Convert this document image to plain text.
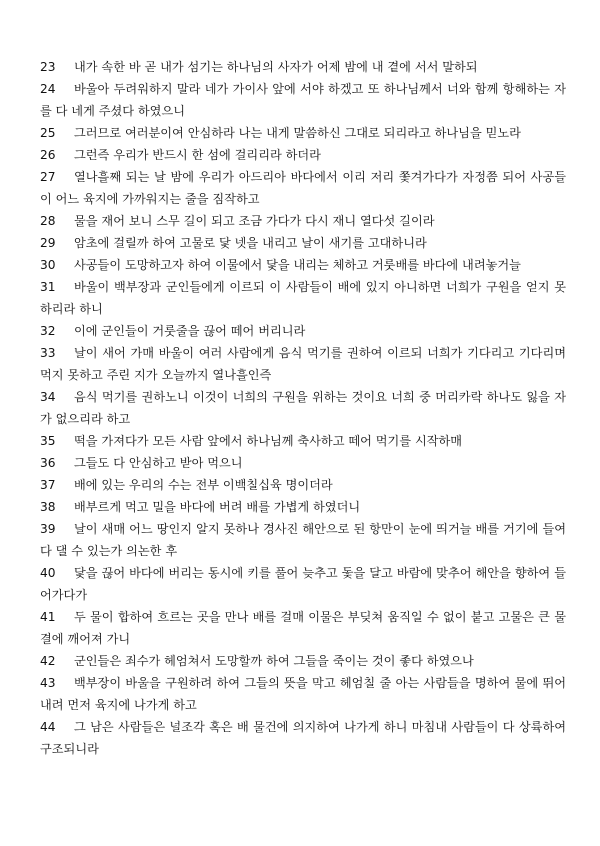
23 내가 속한 바 곧 내가 섬기는 하나님의 사자가 어제 밤에 내 곁에 서서 말하되
24 바울아 두려워하지 말라 네가 가이사 앞에 서야 하겠고 또 하나님께서 너와 함께 항해하는 자를 다 네게 주셨다 하였으니
25 그러므로 여러분이여 안심하라 나는 내게 말씀하신 그대로 되리라고 하나님을 믿노라
26 그런즉 우리가 반드시 한 섬에 걸리리라 하더라
27 열나흘째 되는 날 밤에 우리가 아드리아 바다에서 이리 저리 쫓겨가다가 자정쯤 되어 사공들이 어느 육지에 가까워지는 줄을 짐작하고
28 물을 재어 보니 스무 길이 되고 조금 가다가 다시 재니 열다섯 길이라
29 암초에 걸릴까 하여 고물로 닻 넷을 내리고 날이 새기를 고대하니라
30 사공들이 도망하고자 하여 이물에서 닻을 내리는 체하고 거룻배를 바다에 내려놓거늘
31 바울이 백부장과 군인들에게 이르되 이 사람들이 배에 있지 아니하면 너희가 구원을 얻지 못하리라 하니
32 이에 군인들이 거룻줄을 끊어 떼어 버리니라
33 날이 새어 가매 바울이 여러 사람에게 음식 먹기를 권하여 이르되 너희가 기다리고 기다리며 먹지 못하고 주린 지가 오늘까지 열나흘인즉
34 음식 먹기를 권하노니 이것이 너희의 구원을 위하는 것이요 너희 중 머리카락 하나도 잃을 자가 없으리라 하고
35 떡을 가져다가 모든 사람 앞에서 하나님께 축사하고 떼어 먹기를 시작하매
36 그들도 다 안심하고 받아 먹으니
37 배에 있는 우리의 수는 전부 이백칠십육 명이더라
38 배부르게 먹고 밀을 바다에 버려 배를 가볍게 하였더니
39 날이 새매 어느 땅인지 알지 못하나 경사진 해안으로 된 항만이 눈에 띄거늘 배를 거기에 들여다 댈 수 있는가 의논한 후
40 닻을 끊어 바다에 버리는 동시에 키를 풀어 늦추고 돛을 달고 바람에 맞추어 해안을 향하여 들어가다가
41 두 물이 합하여 흐르는 곳을 만나 배를 걸매 이물은 부딪쳐 움직일 수 없이 붙고 고물은 큰 물결에 깨어져 가니
42 군인들은 죄수가 헤엄쳐서 도망할까 하여 그들을 죽이는 것이 좋다 하였으나
43 백부장이 바울을 구원하려 하여 그들의 뜻을 막고 헤엄칠 줄 아는 사람들을 명하여 물에 뛰어내려 먼저 육지에 나가게 하고
44 그 남은 사람들은 널조각 혹은 배 물건에 의지하여 나가게 하니 마침내 사람들이 다 상륙하여 구조되니라
